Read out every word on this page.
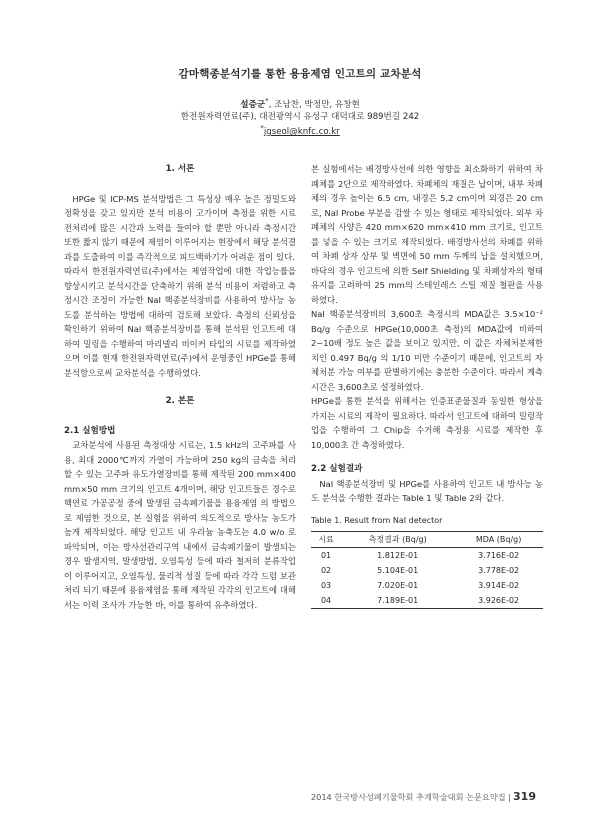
감마핵종분석기를 통한 용융제염 인고트의 교차분석
설증군*, 조남찬, 박정만, 유창현
한전원자력연료(주), 대전광역시 유성구 대덕대로 989번길 242
*jgseol@knfc.co.kr
1. 서론

HPGe 및 ICP-MS 분석방법은 그 특성상 매우 높은 정밀도와 정확성을 갖고 있지만 분석 비용이 고가이며 측정을 위한 시료 전처리에 많은 시간과 노력을 들여야 할 뿐만 아니라 측정시간 또한 짧지 않기 때문에 제염이 이루어지는 현장에서 해당 분석결과를 도출하여 이를 즉각적으로 피드백하기가 어려운 점이 있다.

따라서 한전원자력연료(주)에서는 제염작업에 대한 작업능률을 향상시키고 분석시간을 단축하기 위해 분석 비용이 저렴하고 측정시간 조정이 가능한 NaI 핵종분석장비를 사용하여 방사능 농도를 분석하는 방법에 대하여 검토해 보았다. 측정의 신뢰성을 확인하기 위하여 NaI 핵종분석장비를 통해 분석된 인고트에 대하여 밀링을 수행하여 마리넬리 비이커 타입의 시료를 제작하였으며 이를 현재 한전원자력연료(주)에서 운영중인 HPGe를 통해 분석함으로써 교차분석을 수행하였다.

2. 본론
2.1 실험방법

교차분석에 사용된 측정대상 시료는, 1.5 kHz의 고주파를 사용, 최대 2000℃까지 가열이 가능하며 250 kg의 금속을 처리할 수 있는 고주파 유도가열장비를 통해 제작된 200 mm×400 mm×50 mm 크기의 인고트 4개이며, 해당 인고트들은 경수로 핵연료 가공공정 중에 발생된 금속폐기물을 용융제염 의 방법으로 제염한 것으로, 본 실험을 위하여 의도적으로 방사능 농도가 높게 제작되었다. 해당 인고트 내 우라늄 농축도는 4.0 w/o 로 파악되며, 이는 방사선관리구역 내에서 금속폐기물이 발생되는 경우 발생지역, 발생방법, 오염특성 등에 따라 철저히 분류작업이 이루어지고, 오염특성, 물리적 성질 등에 따라 각각 드럼 보관처리 되기 때문에 용융제염을 통해 제작된 각각의 인고트에 대해서는 이력 조사가 가능한 바, 이를 통하여 유추하였다.

본 실험에서는 배경방사선에 의한 영향을 최소화하기 위하여 차폐체를 2단으로 제작하였다. 차폐체의 재질은 납이며, 내부 차폐체의 경우 높이는 6.5 cm, 내경은 5.2 cm이며 외경은 20 cm 로, NaI Probe 부분을 감쌀 수 있는 형태로 제작되었다. 외부 차폐체의 사양은 420 mm×620 mm×410 mm 크기로, 인고트를 넣을 수 있는 크기로 제작되었다. 배경방사선의 차폐를 위하여 차폐 상자 상부 및 벽면에 50 mm 두께의 납을 설치했으며, 바닥의 경우 인고트에 의한 Self Shielding 및 차폐상자의 형태 유지를 고려하여 25 mm의 스테인레스 스틸 재질 철판을 사용하였다.

NaI 핵종분석장비의 3,600초 측정시의 MDA값은 3.5×10⁻² Bq/g 수준으로 HPGe(10,000초 측정)의 MDA값에 비하여 2~10배 정도 높은 값을 보이고 있지만, 이 값은 자체처분제한치인 0.497 Bq/g 의 1/10 미만 수준이기 때문에, 인고트의 자체처분 가능 여부를 판별하기에는 충분한 수준이다. 따라서 계측시간은 3,600초로 설정하였다.

HPGe를 통한 분석을 위해서는 인증표준물질과 동일한 형상을 가지는 시료의 제작이 필요하다. 따라서 인고트에 대하여 밀링작업을 수행하여 그 Chip을 수거해 측정용 시료를 제작한 후 10,000초 간 측정하였다.

2.2 실험결과

NaI 핵종분석장비 및 HPGe를 사용하여 인고트 내 방사능 농도 분석을 수행한 결과는 Table 1 및 Table 2와 같다.

Table 1. Result from NaI detector
시료	측정결과 (Bq/g)	MDA (Bq/g)
01	1.812E-01	3.716E-02
02	5.104E-01	3.778E-02
03	7.020E-01	3.914E-02
04	7.189E-01	3.926E-02
2014 한국방사성폐기물학회 추계학술대회 논문요약집 | 319
